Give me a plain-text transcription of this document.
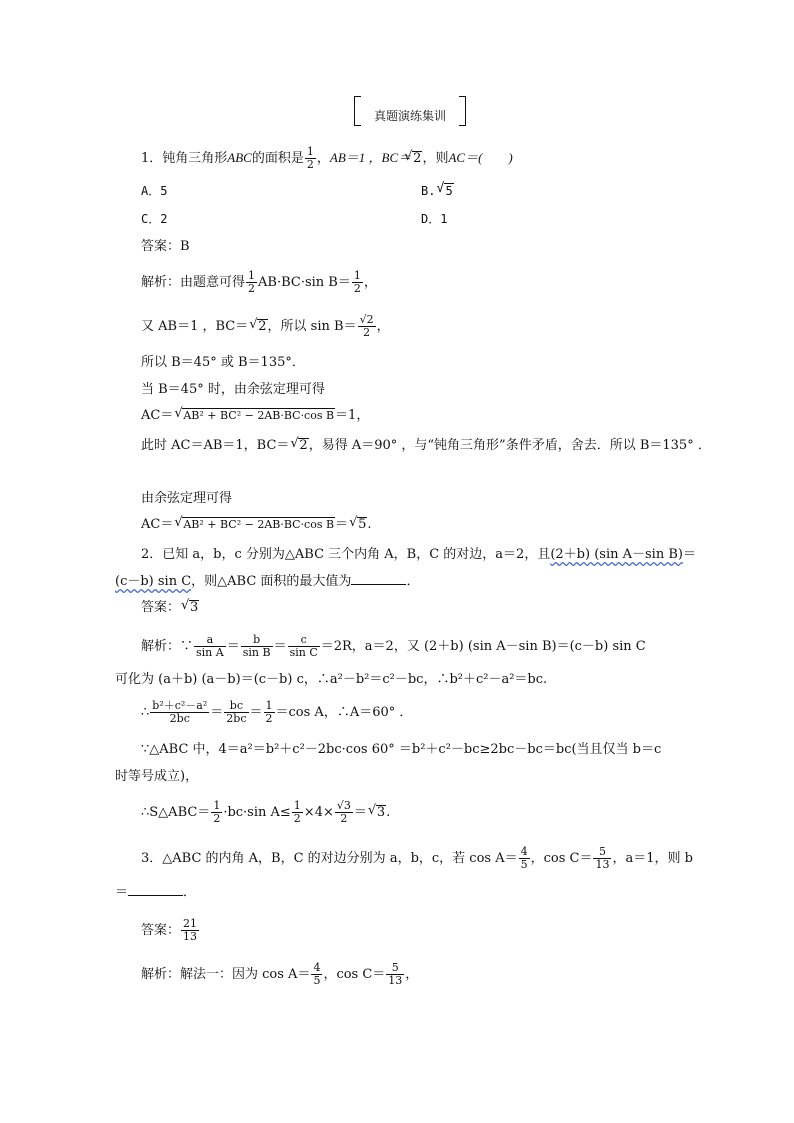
真题演练集训
1．钝角三角形ABC的面积是 $\frac{1}{2}$ ，AB＝1 ，BC＝ √ 2，则AC＝(　　)
A．5	B. √ 5
C．2	D．1
答案：B
解析：由题意可得 $\frac{1}{2} AB\cdot BC\cdot\sin$ $B= \frac{1}{2}$ ，
又 AB＝1 ，BC＝ √ 2，所以 $\sin B= \frac{√2}{2}$ ，
所以 B＝45° 或 B＝135°．
当 B＝45° 时，由余弦定理可得
AC＝ √ AB² + BC² − 2AB·BC·cos B＝1，
此时 AC＝AB＝1，BC＝ √ 2，易得 A＝90° ，与“钝角三角形”条件矛盾，舍去．所以 B＝135° ．
由余弦定理可得
AC＝ √ AB² + BC² − 2AB·BC·cos B＝ √ 5.
2．已知 a，b，c 分别为△ABC 三个内角 A，B，C 的对边，a＝2，且(2＋b) (sin A－sin B)＝
(c－b) sin C，则△ABC 面积的最大值为	．
答案： √ 3
解析：∵ $\frac{a}{\text{sin A}} = \frac{b}{\text{sin B}} = \frac{c}{\text{sin C}} =2R$，a＝2，又 (2＋b) (sin A－sin B)＝(c－b) sin C
可化为 (a＋b) (a－b)＝(c－b) c，∴a²－b²＝c²－bc，∴b²＋c²－a²＝bc.
∴ $\frac{\text{b²＋c²－a²}}{2bc} = \frac{bc}{2bc} = \frac{1}{2} =\cos$ A，∴A＝60° ．
∵△ABC 中，4＝a²＝b²＋c²－2bc·cos 60° ＝b²＋c²－bc≥2bc－bc＝bc(当且仅当 b＝c
时等号成立)，
∴S△ABC＝ $\frac{1}{2} \cdot bc\cdot\sin$ $A\le \frac{1}{2} \times 4\times \frac{√3}{2}$ ＝ √ 3.
3．△ABC 的内角 A，B，C 的对边分别为 a，b，c，若 $\cos A= \frac{4}{5}$ ，$\cos C= \frac{5}{13}$ ，a＝1，则 b
＝	．
答案： $\frac{21}{13}$
解析：解法一：因为 $\cos A= \frac{4}{5}$ ，$\cos C= \frac{5}{13}$ ，
